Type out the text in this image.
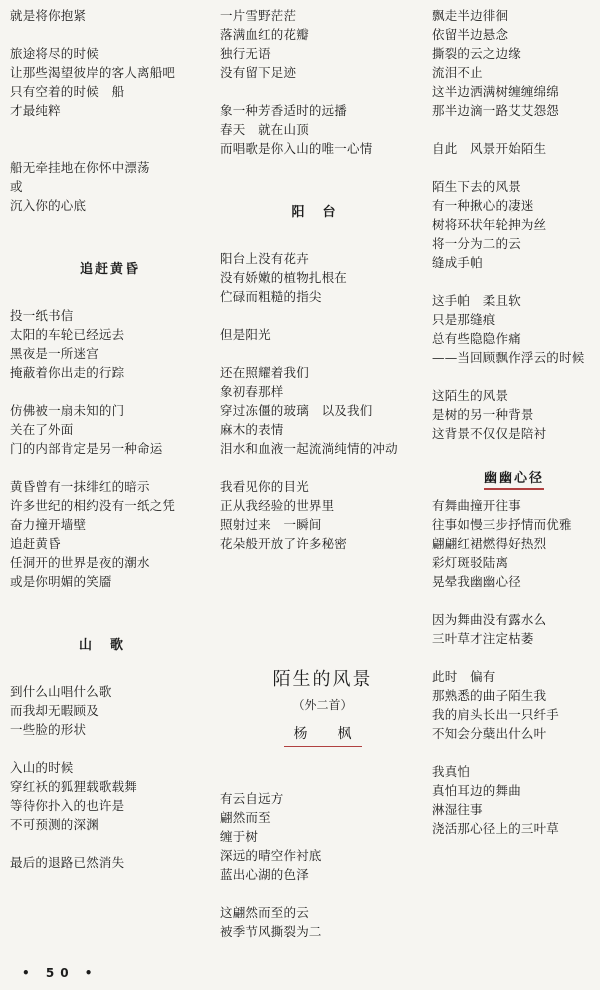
就是将你抱紧
旅途将尽的时候
让那些渴望彼岸的客人离船吧
只有空着的时候　船
才最纯粹
船无牵挂地在你怀中漂荡
或
沉入你的心底
追赶黄昏
投一纸书信
太阳的车轮已经远去
黑夜是一所迷宫
掩蔽着你出走的行踪
仿佛被一扇未知的门
关在了外面
门的内部肯定是另一种命运
黄昏曾有一抹绯红的暗示
许多世纪的相约没有一纸之凭
奋力撞开墙壁
追赶黄昏
任洞开的世界是夜的潮水
或是你明媚的笑靥
山歌
到什么山唱什么歌
而我却无暇顾及
一些脸的形状
入山的时候
穿红袄的狐狸载歌载舞
等待你扑入的也许是
不可预测的深渊
最后的退路已然消失
一片雪野茫茫
落满血红的花瓣
独行无语
没有留下足迹
象一种芳香适时的远播
春天　就在山顶
而唱歌是你入山的唯一心情
阳台
阳台上没有花卉
没有娇嫩的植物扎根在
伫碌而粗糙的指尖
但是阳光
还在照耀着我们
象初春那样
穿过冻僵的玻璃　以及我们
麻木的表情
泪水和血液一起流淌纯情的冲动
我看见你的目光
正从我经验的世界里
照射过来　一瞬间
花朵般开放了许多秘密
陌生的风景
（外二首）
杨　枫
有云自远方
翩然而至
缠于树
深远的晴空作衬底
蓝出心湖的色泽
这翩然而至的云
被季节风撕裂为二
飘走半边徘徊
依留半边悬念
撕裂的云之边缘
流泪不止
这半边洒满树缠缠绵绵
那半边滴一路艾艾怨怨
自此　风景开始陌生
陌生下去的风景
有一种揪心的凄迷
树将环状年轮抻为丝
将一分为二的云
缝成手帕
这手帕　柔且软
只是那缝痕
总有些隐隐作痛
——当回顾飘作浮云的时候
这陌生的风景
是树的另一种背景
这背景不仅仅是陪衬
幽幽心径
有舞曲撞开往事
往事如慢三步抒情而优雅
翩翩红裙燃得好热烈
彩灯斑驳陆离
晃晕我幽幽心径
因为舞曲没有露水么
三叶草才注定枯萎
此时　偏有
那熟悉的曲子陌生我
我的肩头长出一只纤手
不知会分蘖出什么叶
我真怕
真怕耳边的舞曲
淋湿往事
浇活那心径上的三叶草
• 50 •
